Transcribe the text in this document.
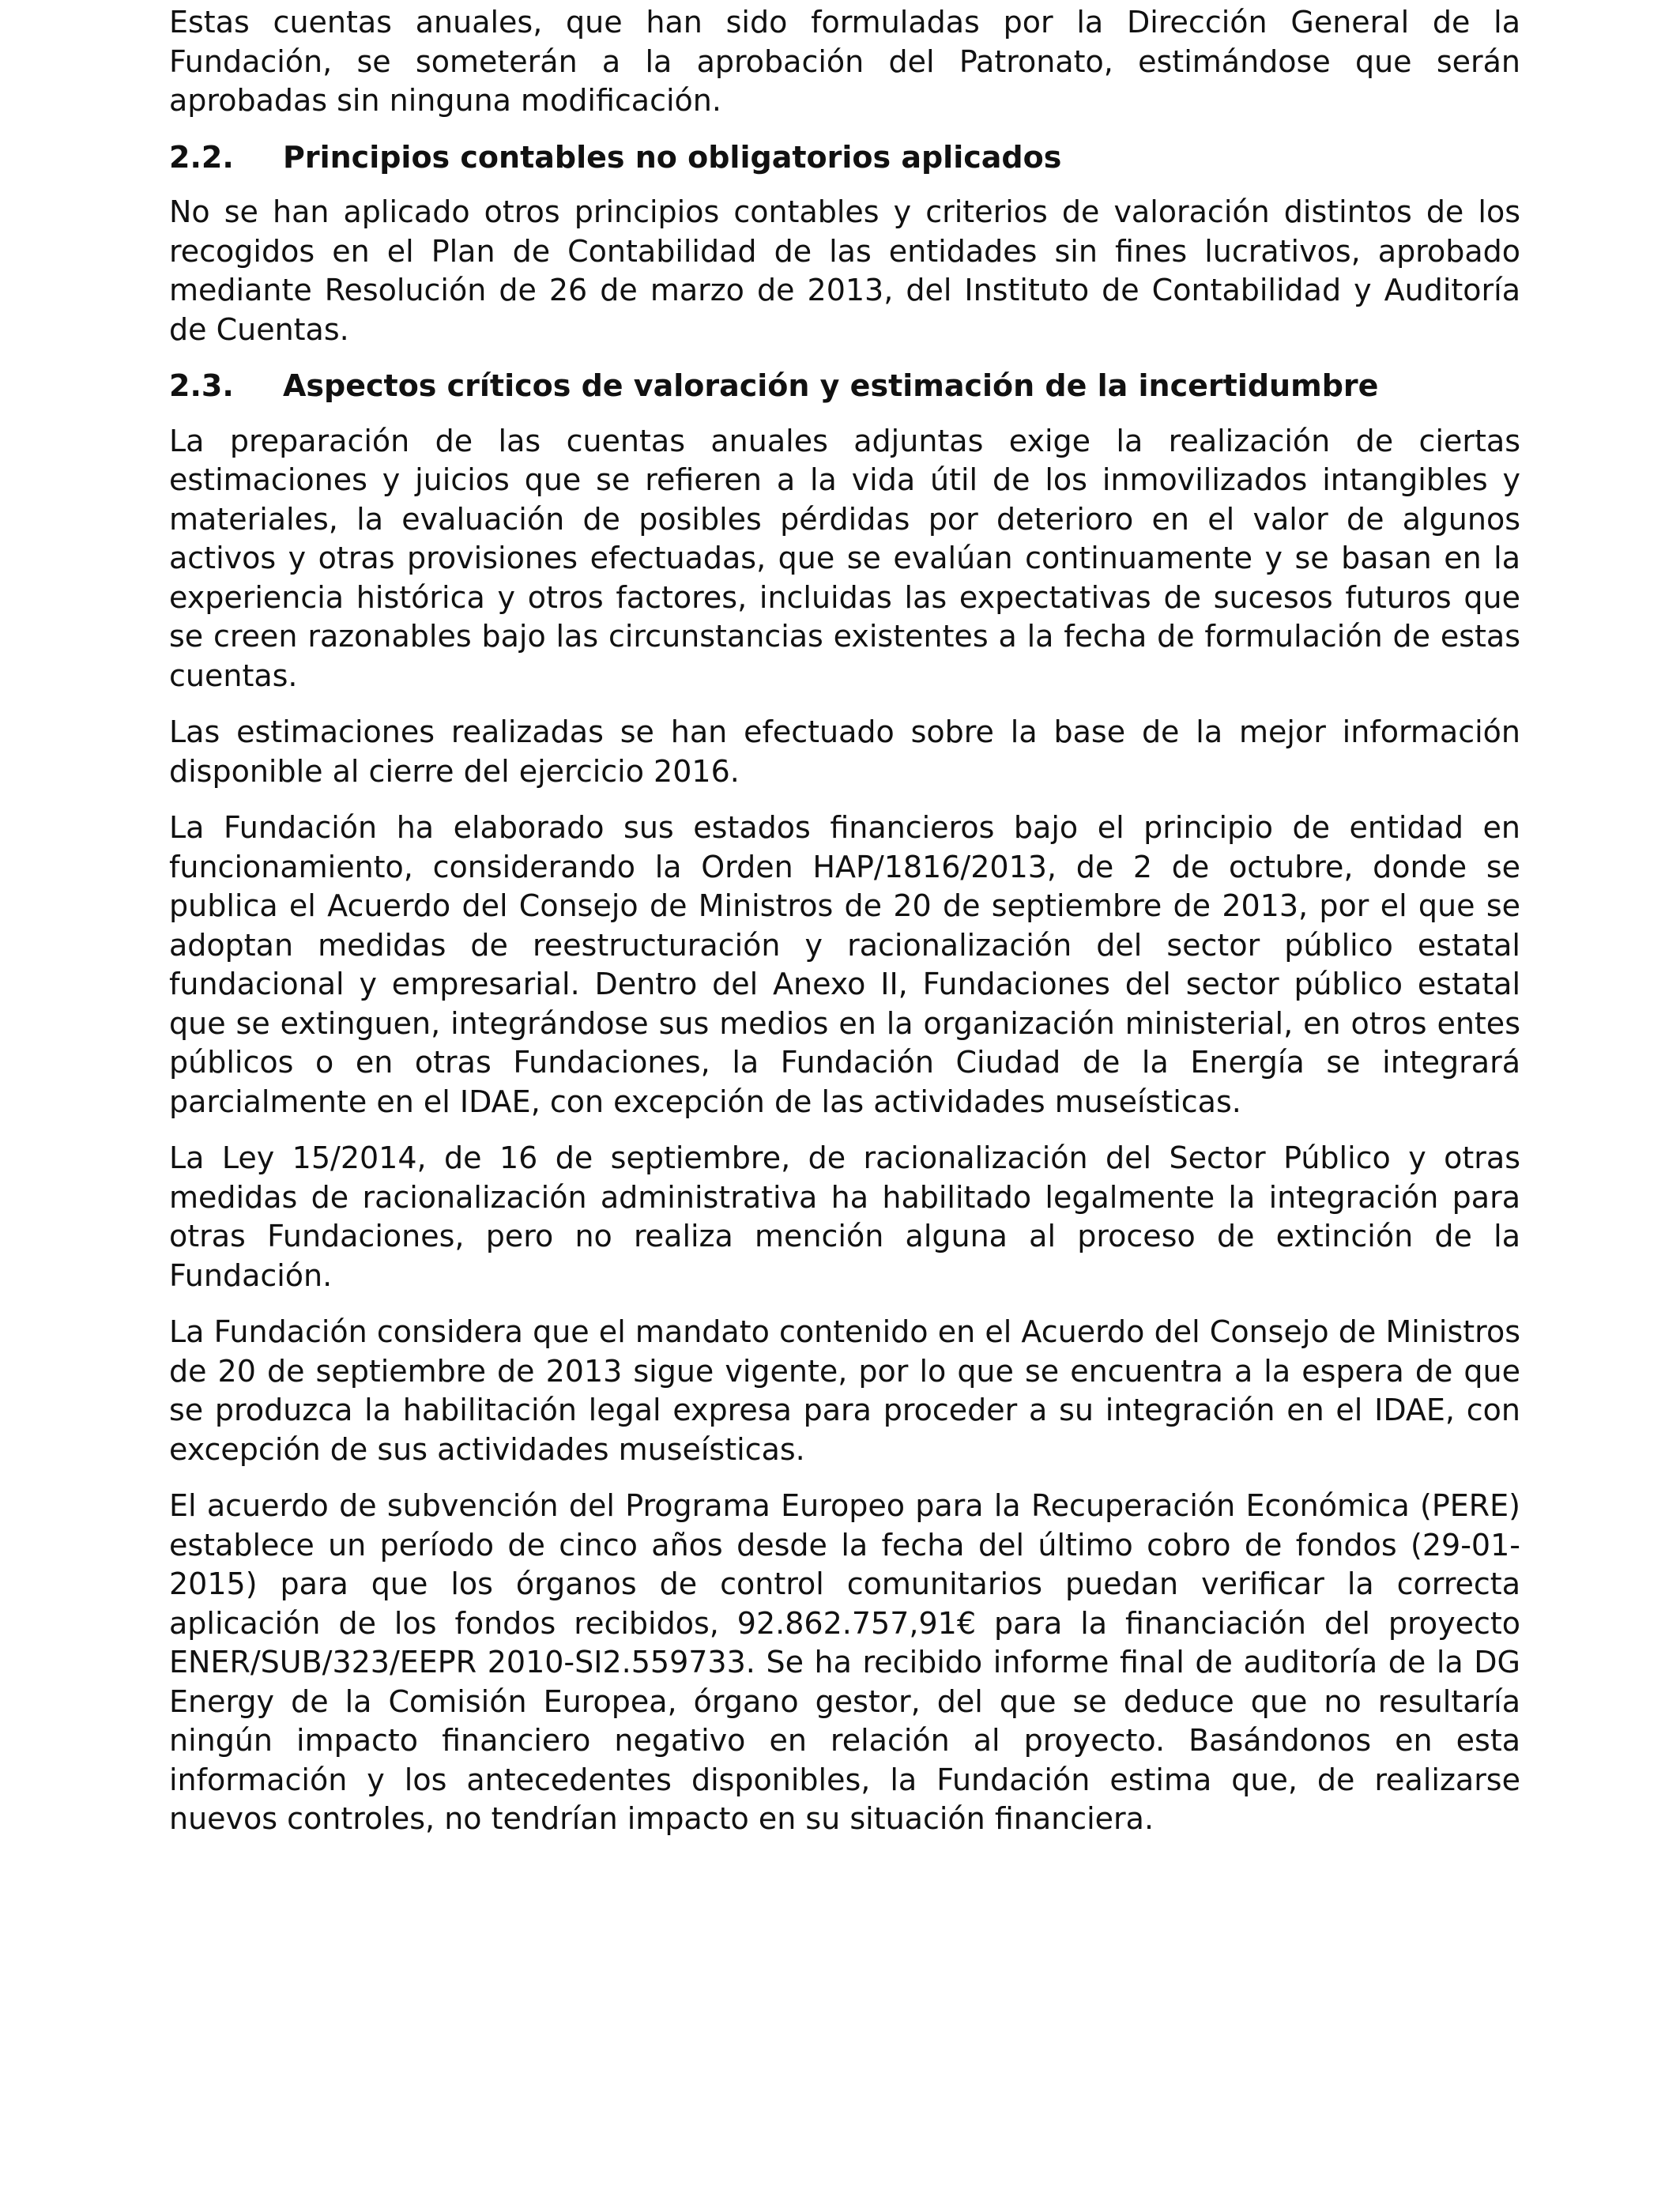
Estas cuentas anuales, que han sido formuladas por la Dirección General de la Fundación, se someterán a la aprobación del Patronato, estimándose que serán aprobadas sin ninguna modificación.

2.2.	Principios contables no obligatorios aplicados

No se han aplicado otros principios contables y criterios de valoración distintos de los recogidos en el Plan de Contabilidad de las entidades sin fines lucrativos, aprobado mediante Resolución de 26 de marzo de 2013, del Instituto de Contabilidad y Auditoría de Cuentas.

2.3.	Aspectos críticos de valoración y estimación de la incertidumbre

La preparación de las cuentas anuales adjuntas exige la realización de ciertas estimaciones y juicios que se refieren a la vida útil de los inmovilizados intangibles y materiales, la evaluación de posibles pérdidas por deterioro en el valor de algunos activos y otras provisiones efectuadas, que se evalúan continuamente y se basan en la experiencia histórica y otros factores, incluidas las expectativas de sucesos futuros que se creen razonables bajo las circunstancias existentes a la fecha de formulación de estas cuentas.

Las estimaciones realizadas se han efectuado sobre la base de la mejor información disponible al cierre del ejercicio 2016.

La Fundación ha elaborado sus estados financieros bajo el principio de entidad en funcionamiento, considerando la Orden HAP/1816/2013, de 2 de octubre, donde se publica el Acuerdo del Consejo de Ministros de 20 de septiembre de 2013, por el que se adoptan medidas de reestructuración y racionalización del sector público estatal fundacional y empresarial. Dentro del Anexo II, Fundaciones del sector público estatal que se extinguen, integrándose sus medios en la organización ministerial, en otros entes públicos o en otras Fundaciones, la Fundación Ciudad de la Energía se integrará parcialmente en el IDAE, con excepción de las actividades museísticas.

La Ley 15/2014, de 16 de septiembre, de racionalización del Sector Público y otras medidas de racionalización administrativa ha habilitado legalmente la integración para otras Fundaciones, pero no realiza mención alguna al proceso de extinción de la Fundación.

La Fundación considera que el mandato contenido en el Acuerdo del Consejo de Ministros de 20 de septiembre de 2013 sigue vigente, por lo que se encuentra a la espera de que se produzca la habilitación legal expresa para proceder a su integración en el IDAE, con excepción de sus actividades museísticas.

El acuerdo de subvención del Programa Europeo para la Recuperación Económica (PERE) establece un período de cinco años desde la fecha del último cobro de fondos (29-01-2015) para que los órganos de control comunitarios puedan verificar la correcta aplicación de los fondos recibidos, 92.862.757,91€ para la financiación del proyecto ENER/SUB/323/EEPR 2010-SI2.559733. Se ha recibido informe final de auditoría de la DG Energy de la Comisión Europea, órgano gestor, del que se deduce que no resultaría ningún impacto financiero negativo en relación al proyecto. Basándonos en esta información y los antecedentes disponibles, la Fundación estima que, de realizarse nuevos controles, no tendrían impacto en su situación financiera.
